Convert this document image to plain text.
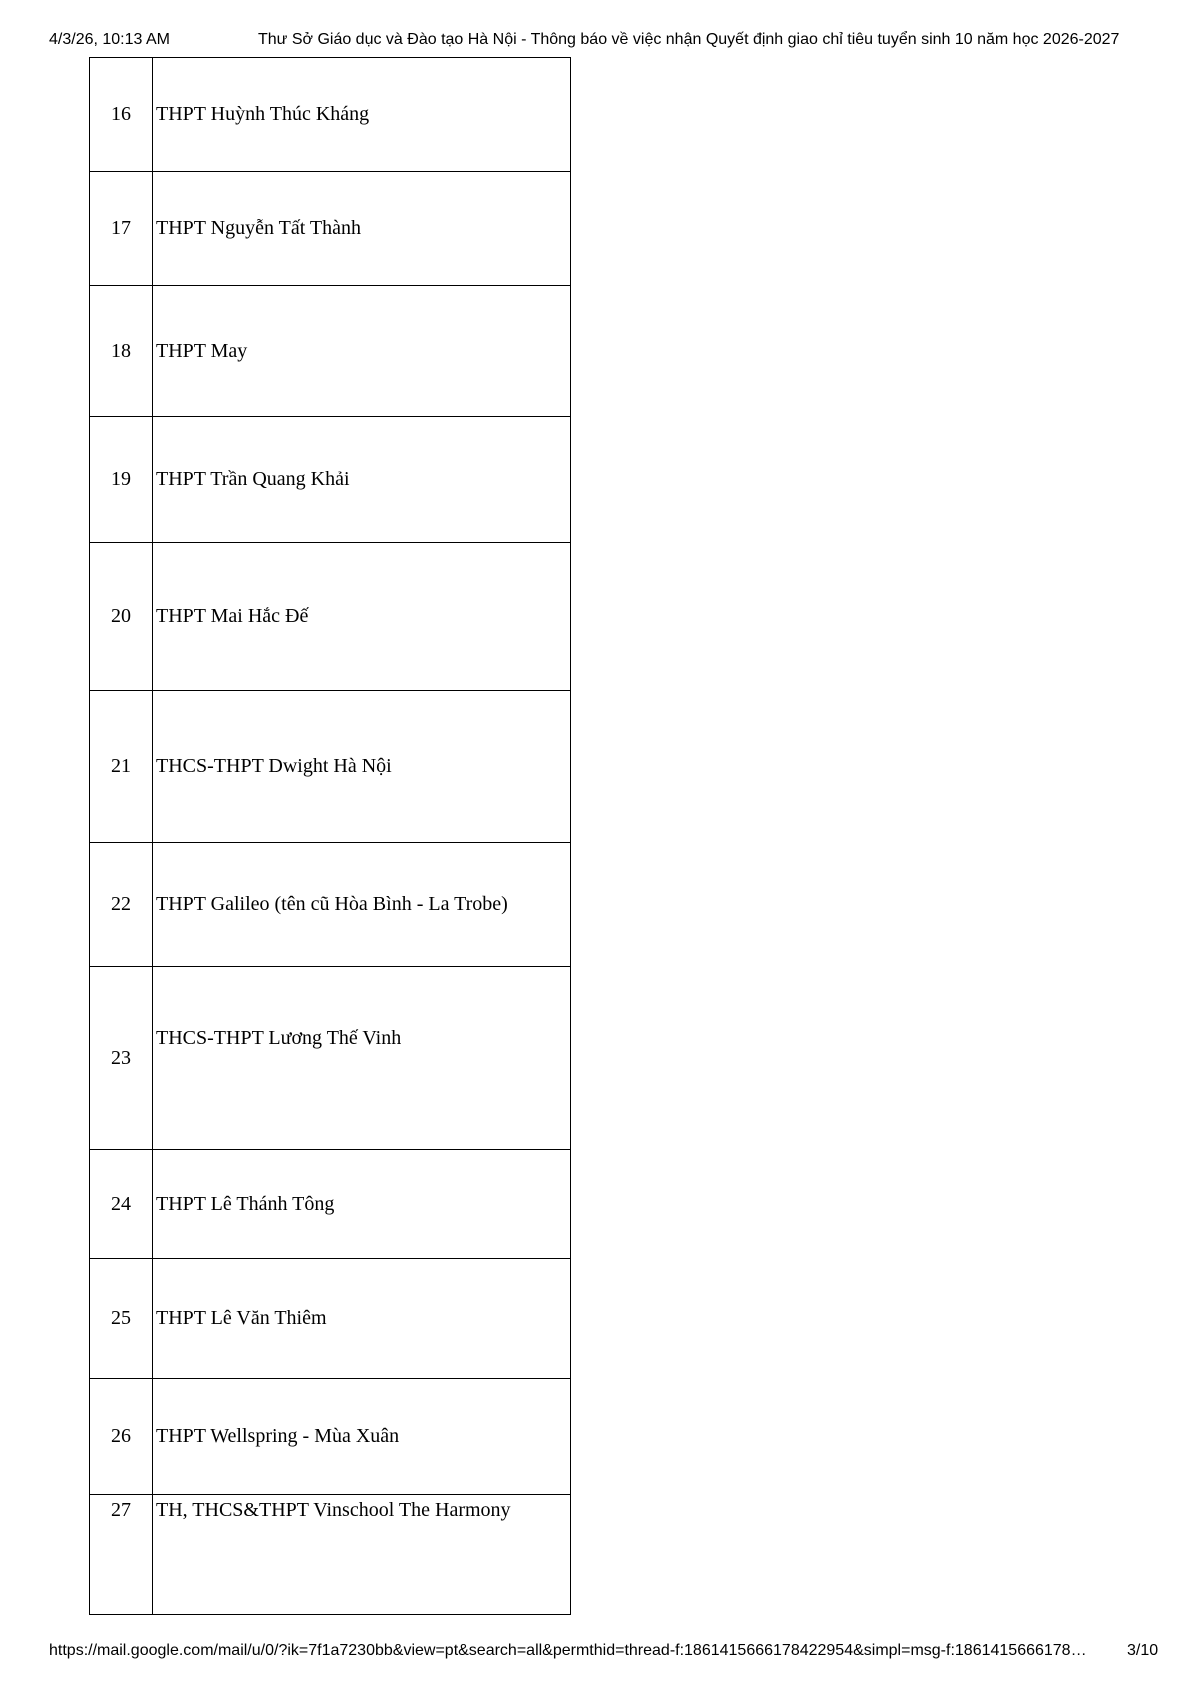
4/3/26, 10:13 AM	Thư Sở Giáo dục và Đào tạo Hà Nội - Thông báo về việc nhận Quyết định giao chỉ tiêu tuyển sinh 10 năm học 2026-2027
16	THPT Huỳnh Thúc Kháng
17	THPT Nguyễn Tất Thành
18	THPT May
19	THPT Trần Quang Khải
20	THPT Mai Hắc Đế
21	THCS-THPT Dwight Hà Nội
22	THPT Galileo (tên cũ Hòa Bình - La Trobe)
23	THCS-THPT Lương Thế Vinh
24	THPT Lê Thánh Tông
25	THPT Lê Văn Thiêm
26	THPT Wellspring - Mùa Xuân
27	TH, THCS&THPT Vinschool The Harmony
https://mail.google.com/mail/u/0/?ik=7f1a7230bb&view=pt&search=all&permthid=thread-f:1861415666178422954&simpl=msg-f:1861415666178…	3/10
